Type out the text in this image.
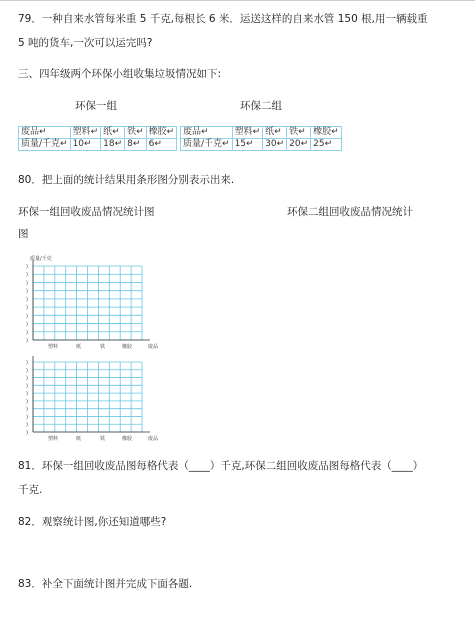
79．一种自来水管每米重 5 千克,每根长 6 米．运送这样的自来水管 150 根,用一辆载重
5 吨的货车,一次可以运完吗?
三、四年级两个环保小组收集垃圾情况如下:
环保一组	环保二组
废品↵	塑料↵	纸↵	铁↵	橡胶↵
质量/千克↵	10↵	18↵	8↵	6↵
废品↵	塑料↵	纸↵	铁↵	橡胶↵
质量/千克↵	15↵	30↵	20↵	25↵
80．把上面的统计结果用条形图分别表示出来.
环保一组回收废品情况统计图	环保二组回收废品情况统计
图
)
)
)
)
)
)
)
)
)
)
)
)
)
)
)
)
)
)
)
)
质量/千克
塑料	纸	铁	橡胶	废品
塑料	纸	铁	橡胶	废品
81．环保一组回收废品图每格代表（____）千克,环保二组回收废品图每格代表（____）
千克.
82．观察统计图,你还知道哪些?
83．补全下面统计图并完成下面各题.
